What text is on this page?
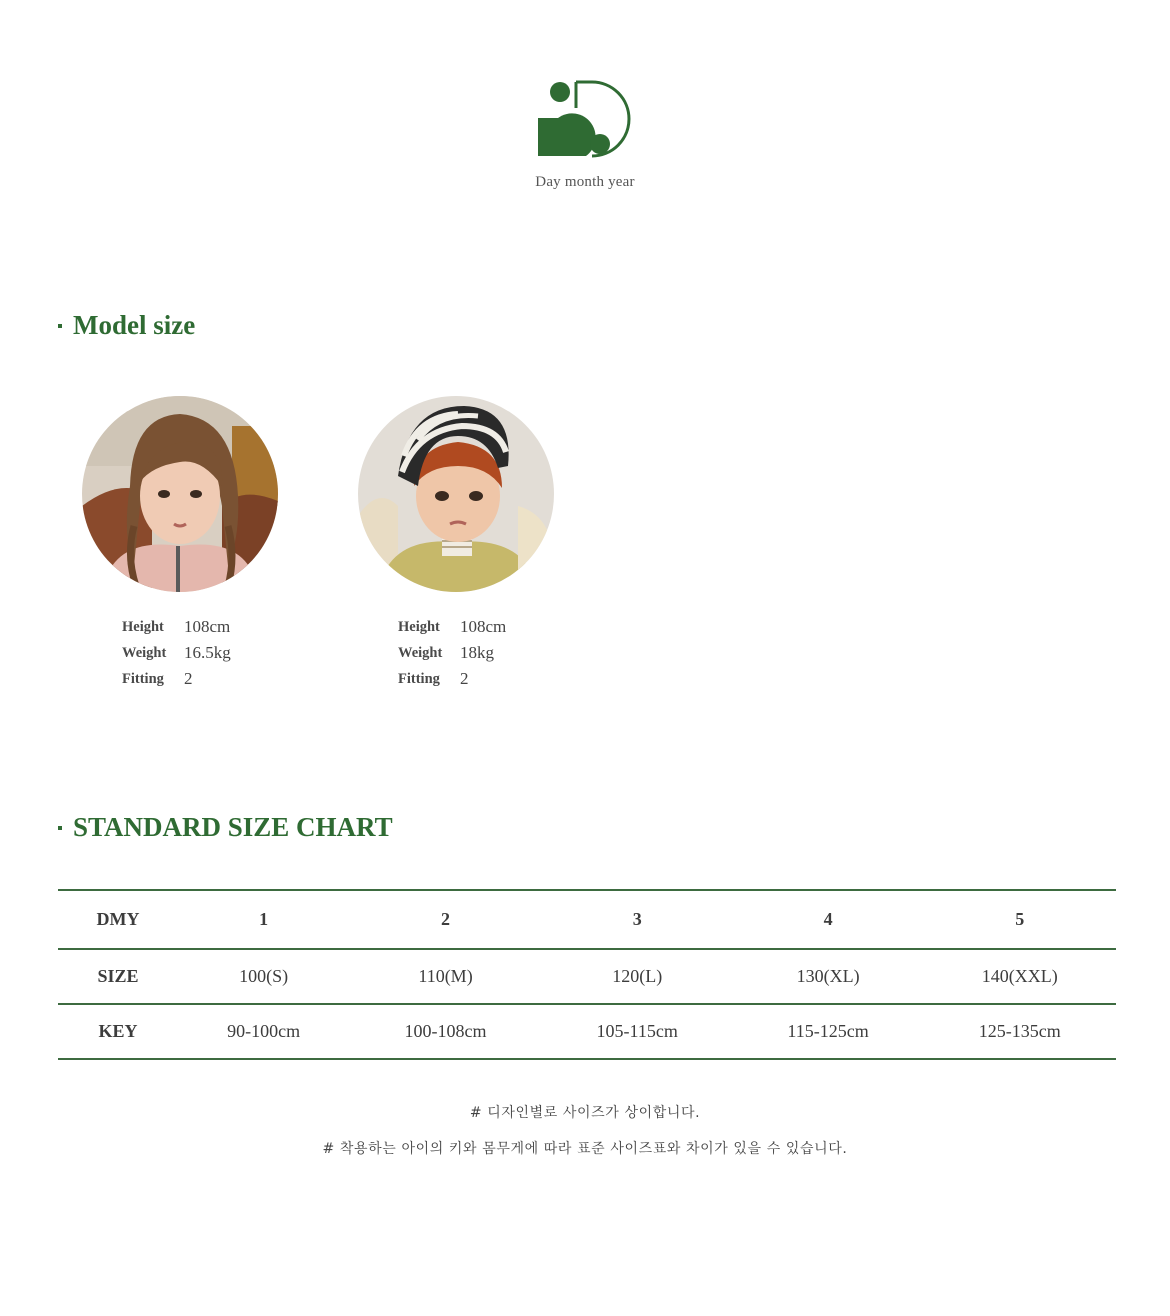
Day month year
Model size
Height	108cm
Weight	16.5kg
Fitting	2
Height	108cm
Weight	18kg
Fitting	2
STANDARD SIZE CHART
DMY	1	2	3	4	5
SIZE	100(S)	110(M)	120(L)	130(XL)	140(XXL)
KEY	90-100cm	100-108cm	105-115cm	115-125cm	125-135cm
# 디자인별로 사이즈가 상이합니다.
# 착용하는 아이의 키와 몸무게에 따라 표준 사이즈표와 차이가 있을 수 있습니다.
